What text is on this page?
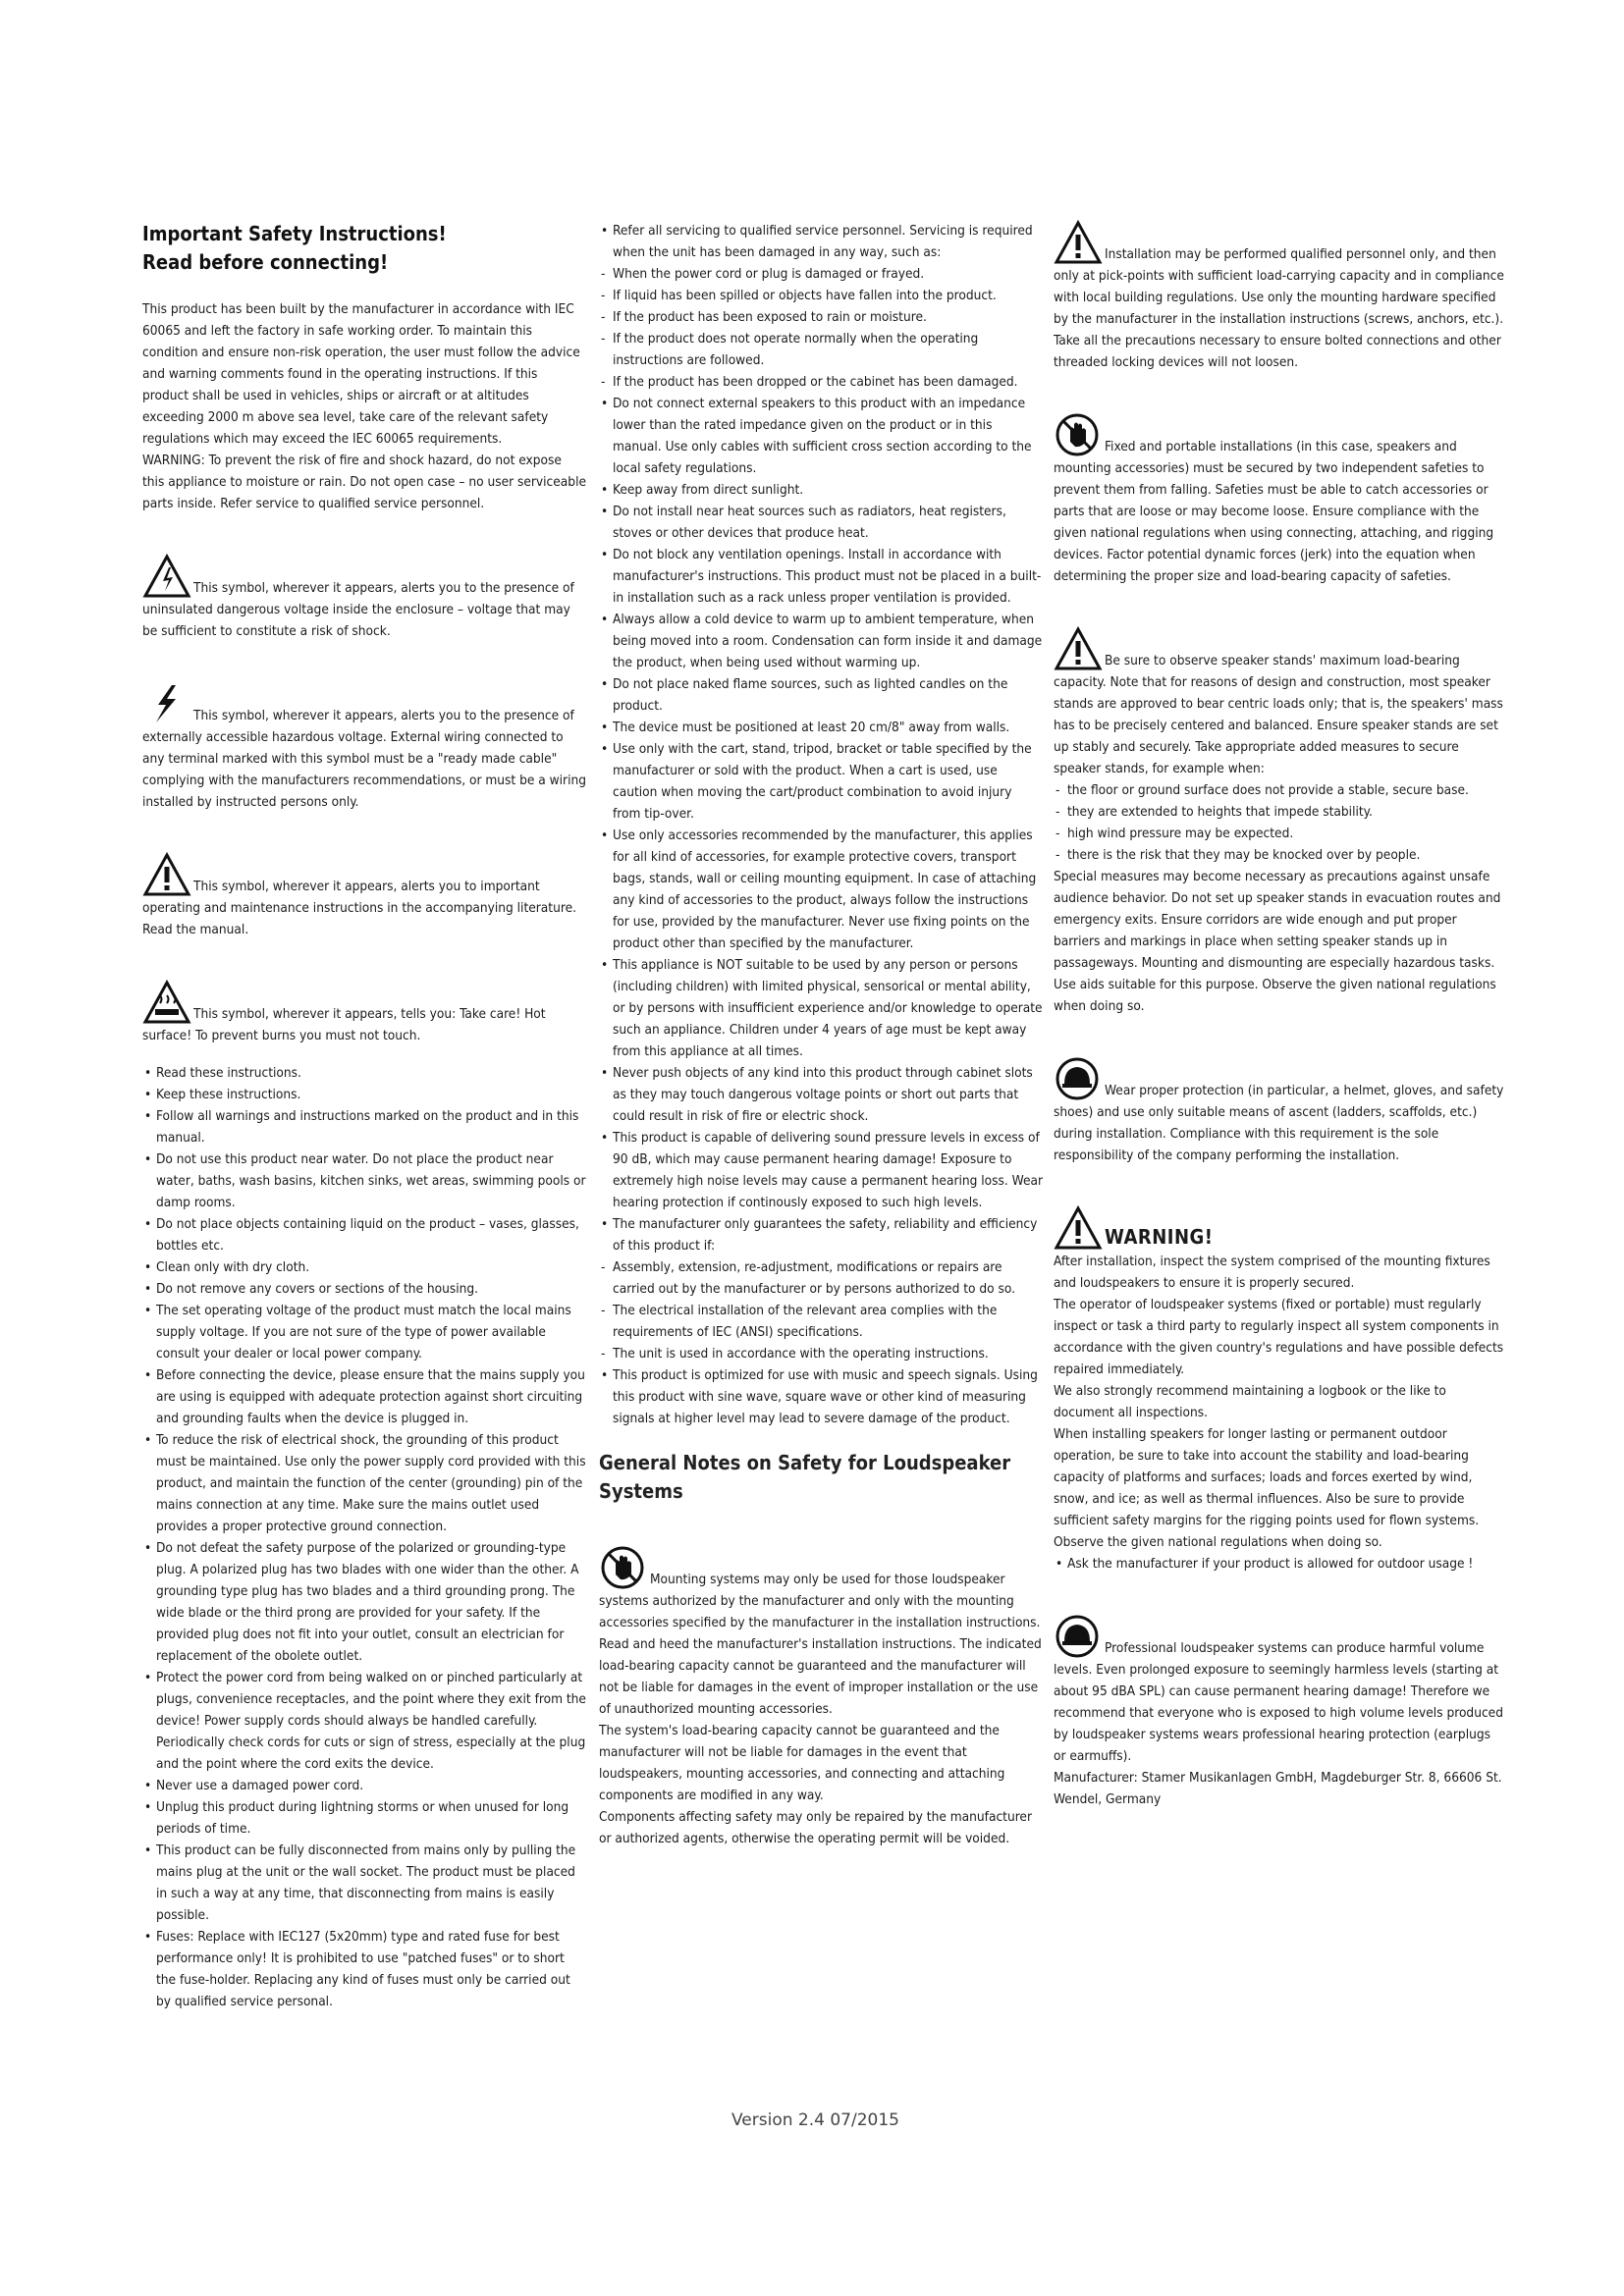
Important Safety Instructions!
Read before connecting!

This product has been built by the manufacturer in accordance with IEC 60065 and left the factory in safe working order. To maintain this condition and ensure non-risk operation, the user must follow the advice and warning comments found in the operating instructions. If this product shall be used in vehicles, ships or aircraft or at altitudes exceeding 2000 m above sea level, take care of the relevant safety regulations which may exceed the IEC 60065 requirements.

WARNING: To prevent the risk of fire and shock hazard, do not expose this appliance to moisture or rain. Do not open case – no user serviceable parts inside. Refer service to qualified service personnel.

This symbol, wherever it appears, alerts you to the presence of uninsulated dangerous voltage inside the enclosure – voltage that may be sufficient to constitute a risk of shock.

This symbol, wherever it appears, alerts you to the presence of externally accessible hazardous voltage. External wiring connected to any terminal marked with this symbol must be a "ready made cable" complying with the manufacturers recommendations, or must be a wiring installed by instructed persons only.

This symbol, wherever it appears, alerts you to important operating and maintenance instructions in the accompanying literature. Read the manual.

This symbol, wherever it appears, tells you: Take care! Hot surface! To prevent burns you must not touch.

• Read these instructions.
• Keep these instructions.
• Follow all warnings and instructions marked on the product and in this manual.
• Do not use this product near water. Do not place the product near water, baths, wash basins, kitchen sinks, wet areas, swimming pools or damp rooms.
• Do not place objects containing liquid on the product – vases, glasses, bottles etc.
• Clean only with dry cloth.
• Do not remove any covers or sections of the housing.
• The set operating voltage of the product must match the local mains supply voltage. If you are not sure of the type of power available consult your dealer or local power company.
• Before connecting the device, please ensure that the mains supply you are using is equipped with adequate protection against short circuiting and grounding faults when the device is plugged in.
• To reduce the risk of electrical shock, the grounding of this product must be maintained. Use only the power supply cord provided with this product, and maintain the function of the center (grounding) pin of the mains connection at any time. Make sure the mains outlet used provides a proper protective ground connection.
• Do not defeat the safety purpose of the polarized or grounding-type plug. A polarized plug has two blades with one wider than the other. A grounding type plug has two blades and a third grounding prong. The wide blade or the third prong are provided for your safety. If the provided plug does not fit into your outlet, consult an electrician for replacement of the obolete outlet.
• Protect the power cord from being walked on or pinched particularly at plugs, convenience receptacles, and the point where they exit from the device! Power supply cords should always be handled carefully. Periodically check cords for cuts or sign of stress, especially at the plug and the point where the cord exits the device.
• Never use a damaged power cord.
• Unplug this product during lightning storms or when unused for long periods of time.
• This product can be fully disconnected from mains only by pulling the mains plug at the unit or the wall socket. The product must be placed in such a way at any time, that disconnecting from mains is easily possible.
• Fuses: Replace with IEC127 (5x20mm) type and rated fuse for best performance only! It is prohibited to use "patched fuses" or to short the fuse-holder. Replacing any kind of fuses must only be carried out by qualified service personal.
• Refer all servicing to qualified service personnel. Servicing is required when the unit has been damaged in any way, such as:
- When the power cord or plug is damaged or frayed.
- If liquid has been spilled or objects have fallen into the product.
- If the product has been exposed to rain or moisture.
- If the product does not operate normally when the operating instructions are followed.
- If the product has been dropped or the cabinet has been damaged.
• Do not connect external speakers to this product with an impedance lower than the rated impedance given on the product or in this manual. Use only cables with sufficient cross section according to the local safety regulations.
• Keep away from direct sunlight.
• Do not install near heat sources such as radiators, heat registers, stoves or other devices that produce heat.
• Do not block any ventilation openings. Install in accordance with manufacturer's instructions. This product must not be placed in a built-in installation such as a rack unless proper ventilation is provided.
• Always allow a cold device to warm up to ambient temperature, when being moved into a room. Condensation can form inside it and damage the product, when being used without warming up.
• Do not place naked flame sources, such as lighted candles on the product.
• The device must be positioned at least 20 cm/8" away from walls.
• Use only with the cart, stand, tripod, bracket or table specified by the manufacturer or sold with the product. When a cart is used, use caution when moving the cart/product combination to avoid injury from tip-over.
• Use only accessories recommended by the manufacturer, this applies for all kind of accessories, for example protective covers, transport bags, stands, wall or ceiling mounting equipment. In case of attaching any kind of accessories to the product, always follow the instructions for use, provided by the manufacturer. Never use fixing points on the product other than specified by the manufacturer.
• This appliance is NOT suitable to be used by any person or persons (including children) with limited physical, sensorical or mental ability, or by persons with insufficient experience and/or knowledge to operate such an appliance. Children under 4 years of age must be kept away from this appliance at all times.
• Never push objects of any kind into this product through cabinet slots as they may touch dangerous voltage points or short out parts that could result in risk of fire or electric shock.
• This product is capable of delivering sound pressure levels in excess of 90 dB, which may cause permanent hearing damage! Exposure to extremely high noise levels may cause a permanent hearing loss. Wear hearing protection if continously exposed to such high levels.
• The manufacturer only guarantees the safety, reliability and efficiency of this product if:
- Assembly, extension, re-adjustment, modifications or repairs are carried out by the manufacturer or by persons authorized to do so.
- The electrical installation of the relevant area complies with the requirements of IEC (ANSI) specifications.
- The unit is used in accordance with the operating instructions.
• This product is optimized for use with music and speech signals. Using this product with sine wave, square wave or other kind of measuring signals at higher level may lead to severe damage of the product.
General Notes on Safety for Loudspeaker Systems

Mounting systems may only be used for those loudspeaker systems authorized by the manufacturer and only with the mounting accessories specified by the manufacturer in the installation instructions. Read and heed the manufacturer's installation instructions. The indicated load-bearing capacity cannot be guaranteed and the manufacturer will not be liable for damages in the event of improper installation or the use of unauthorized mounting accessories.

The system's load-bearing capacity cannot be guaranteed and the manufacturer will not be liable for damages in the event that loudspeakers, mounting accessories, and connecting and attaching components are modified in any way.

Components affecting safety may only be repaired by the manufacturer or authorized agents, otherwise the operating permit will be voided.

Installation may be performed qualified personnel only, and then only at pick-points with sufficient load-carrying capacity and in compliance with local building regulations. Use only the mounting hardware specified by the manufacturer in the installation instructions (screws, anchors, etc.). Take all the precautions necessary to ensure bolted connections and other threaded locking devices will not loosen.

Fixed and portable installations (in this case, speakers and mounting accessories) must be secured by two independent safeties to prevent them from falling. Safeties must be able to catch accessories or parts that are loose or may become loose. Ensure compliance with the given national regulations when using connecting, attaching, and rigging devices. Factor potential dynamic forces (jerk) into the equation when determining the proper size and load-bearing capacity of safeties.

Be sure to observe speaker stands' maximum load-bearing capacity. Note that for reasons of design and construction, most speaker stands are approved to bear centric loads only; that is, the speakers' mass has to be precisely centered and balanced. Ensure speaker stands are set up stably and securely. Take appropriate added measures to secure speaker stands, for example when:

- the floor or ground surface does not provide a stable, secure base.
- they are extended to heights that impede stability.
- high wind pressure may be expected.
- there is the risk that they may be knocked over by people.

Special measures may become necessary as precautions against unsafe audience behavior. Do not set up speaker stands in evacuation routes and emergency exits. Ensure corridors are wide enough and put proper barriers and markings in place when setting speaker stands up in passageways. Mounting and dismounting are especially hazardous tasks. Use aids suitable for this purpose. Observe the given national regulations when doing so.

Wear proper protection (in particular, a helmet, gloves, and safety shoes) and use only suitable means of ascent (ladders, scaffolds, etc.) during installation. Compliance with this requirement is the sole responsibility of the company performing the installation.

WARNING!

After installation, inspect the system comprised of the mounting fixtures and loudspeakers to ensure it is properly secured.

The operator of loudspeaker systems (fixed or portable) must regularly inspect or task a third party to regularly inspect all system components in accordance with the given country's regulations and have possible defects repaired immediately.

We also strongly recommend maintaining a logbook or the like to document all inspections.

When installing speakers for longer lasting or permanent outdoor operation, be sure to take into account the stability and load-bearing capacity of platforms and surfaces; loads and forces exerted by wind, snow, and ice; as well as thermal influences. Also be sure to provide sufficient safety margins for the rigging points used for flown systems. Observe the given national regulations when doing so.

• Ask the manufacturer if your product is allowed for outdoor usage !

Professional loudspeaker systems can produce harmful volume levels. Even prolonged exposure to seemingly harmless levels (starting at about 95 dBA SPL) can cause permanent hearing damage! Therefore we recommend that everyone who is exposed to high volume levels produced by loudspeaker systems wears professional hearing protection (earplugs or earmuffs).

Manufacturer: Stamer Musikanlagen GmbH, Magdeburger Str. 8, 66606 St. Wendel, Germany

Version 2.4 07/2015
